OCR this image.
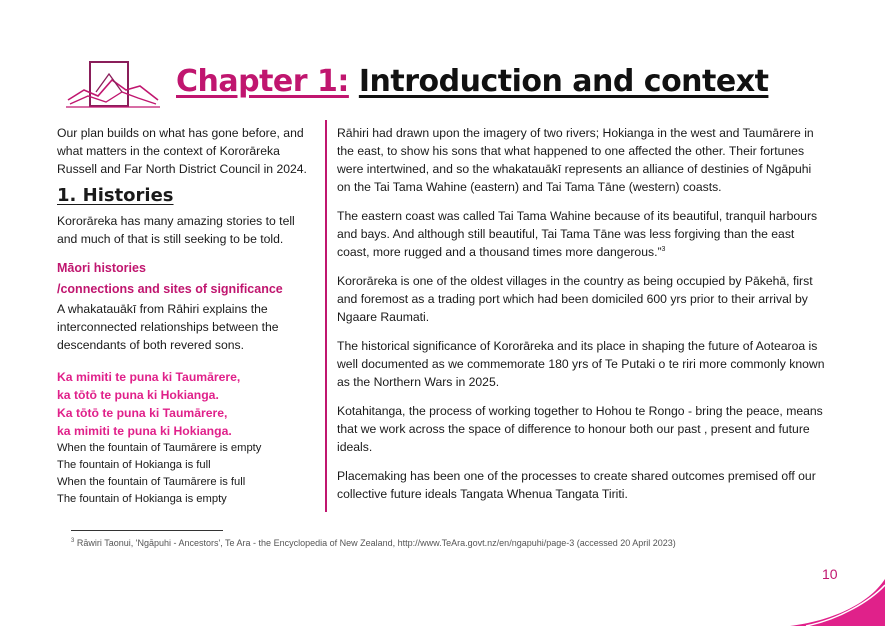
Chapter 1: Introduction and context

Our plan builds on what has gone before, and what matters in the context of Kororāreka Russell and Far North District Council in 2024.

1. Histories

Kororāreka has many amazing stories to tell and much of that is still seeking to be told.

Māori histories

/connections and sites of significance

A whakatauākī from Rāhiri explains the interconnected relationships between the descendants of both revered sons.

Ka mimiti te puna ki Taumārere,

ka tōtō te puna ki Hokianga.

Ka tōtō te puna ki Taumārere,

ka mimiti te puna ki Hokianga.

When the fountain of Taumārere is empty

The fountain of Hokianga is full

When the fountain of Taumārere is full

The fountain of Hokianga is empty

Rāhiri had drawn upon the imagery of two rivers; Hokianga in the west and Taumārere in the east, to show his sons that what happened to one affected the other. Their fortunes were intertwined, and so the whakatauākī represents an alliance of destinies of Ngāpuhi on the Tai Tama Wahine (eastern) and Tai Tama Tāne (western) coasts.

The eastern coast was called Tai Tama Wahine because of its beautiful, tranquil harbours and bays. And although still beautiful, Tai Tama Tāne was less forgiving than the east coast, more rugged and a thousand times more dangerous.”$^3$

Kororāreka is one of the oldest villages in the country as being occupied by Pākehā, first and foremost as a trading port which had been domiciled 600 yrs prior to their arrival by Ngaare Raumati.

The historical significance of Kororāreka and its place in shaping the future of Aotearoa is well documented as we commemorate 180 yrs of Te Putaki o te riri more commonly known as the Northern Wars in 2025.

Kotahitanga, the process of working together to Hohou te Rongo - bring the peace, means that we work across the space of difference to honour both our past , present and future ideals.

Placemaking has been one of the processes to create shared outcomes premised off our collective future ideals Tangata Whenua Tangata Tiriti.

$^3$ Rāwiri Taonui, 'Ngāpuhi - Ancestors', Te Ara - the Encyclopedia of New Zealand, http://www.TeAra.govt.nz/en/ngapuhi/page-3 (accessed 20 April 2023)
10
